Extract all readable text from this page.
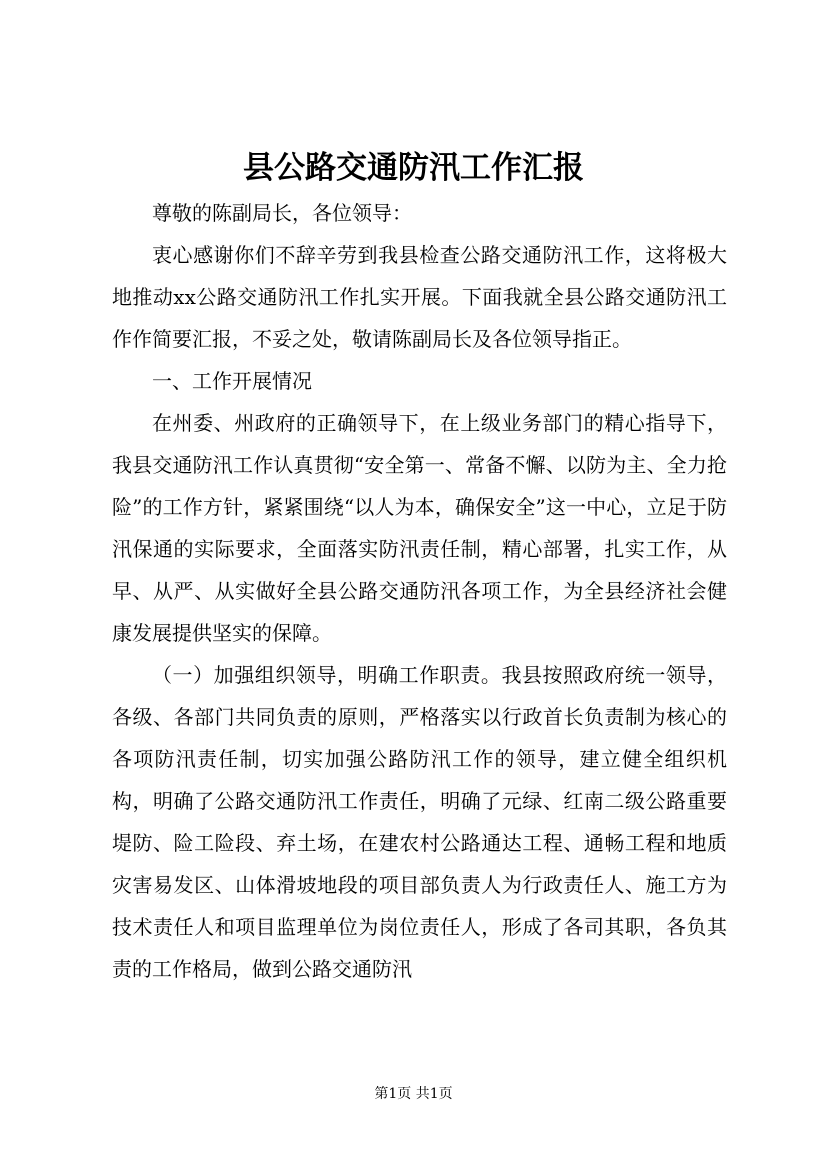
县公路交通防汛工作汇报

尊敬的陈副局长，各位领导：

衷心感谢你们不辞辛劳到我县检查公路交通防汛工作，这将极大地推动xx公路交通防汛工作扎实开展。下面我就全县公路交通防汛工作作简要汇报，不妥之处，敬请陈副局长及各位领导指正。

一、工作开展情况

在州委、州政府的正确领导下，在上级业务部门的精心指导下，我县交通防汛工作认真贯彻“安全第一、常备不懈、以防为主、全力抢险”的工作方针，紧紧围绕“以人为本，确保安全”这一中心，立足于防汛保通的实际要求，全面落实防汛责任制，精心部署，扎实工作，从早、从严、从实做好全县公路交通防汛各项工作，为全县经济社会健康发展提供坚实的保障。

（一）加强组织领导，明确工作职责。我县按照政府统一领导，各级、各部门共同负责的原则，严格落实以行政首长负责制为核心的各项防汛责任制，切实加强公路防汛工作的领导，建立健全组织机构，明确了公路交通防汛工作责任，明确了元绿、红南二级公路重要堤防、险工险段、弃土场，在建农村公路通达工程、通畅工程和地质灾害易发区、山体滑坡地段的项目部负责人为行政责任人、施工方为技术责任人和项目监理单位为岗位责任人，形成了各司其职，各负其责的工作格局，做到公路交通防汛

第1页 共1页
